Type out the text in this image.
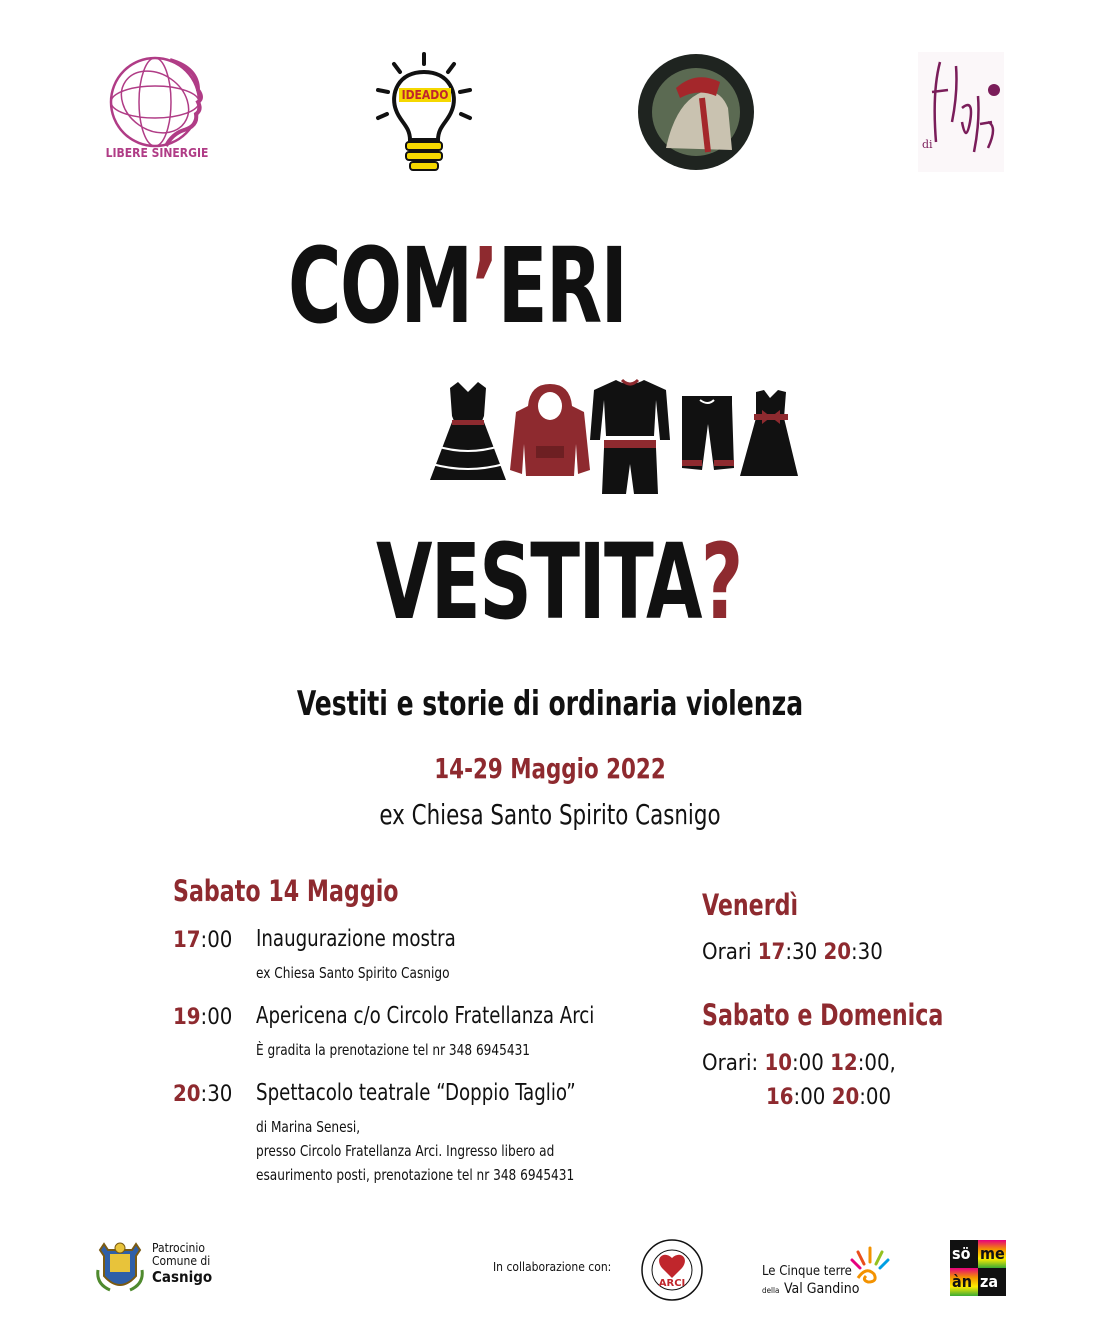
LIBERE SINERGIE
IDEADO
di
COM’ERI
VESTITA?
Vestiti e storie di ordinaria violenza
14-29 Maggio 2022
ex Chiesa Santo Spirito Casnigo
Sabato 14 Maggio
17:00 Inaugurazione mostra
ex Chiesa Santo Spirito Casnigo
19:00 Apericena c/o Circolo Fratellanza Arci
È gradita la prenotazione tel nr 348 6945431
20:30 Spettacolo teatrale “Doppio Taglio”
di Marina Senesi,
presso Circolo Fratellanza Arci. Ingresso libero ad
esaurimento posti, prenotazione tel nr 348 6945431
Venerdì
Orari 17:30 20:30
Sabato e Domenica
Orari: 10:00 12:00,
16:00 20:00
Patrocinio
Comune di
Casnigo
In collaborazione con:
ARCI
Le Cinque terre
della Val Gandino
sö me
àn za
